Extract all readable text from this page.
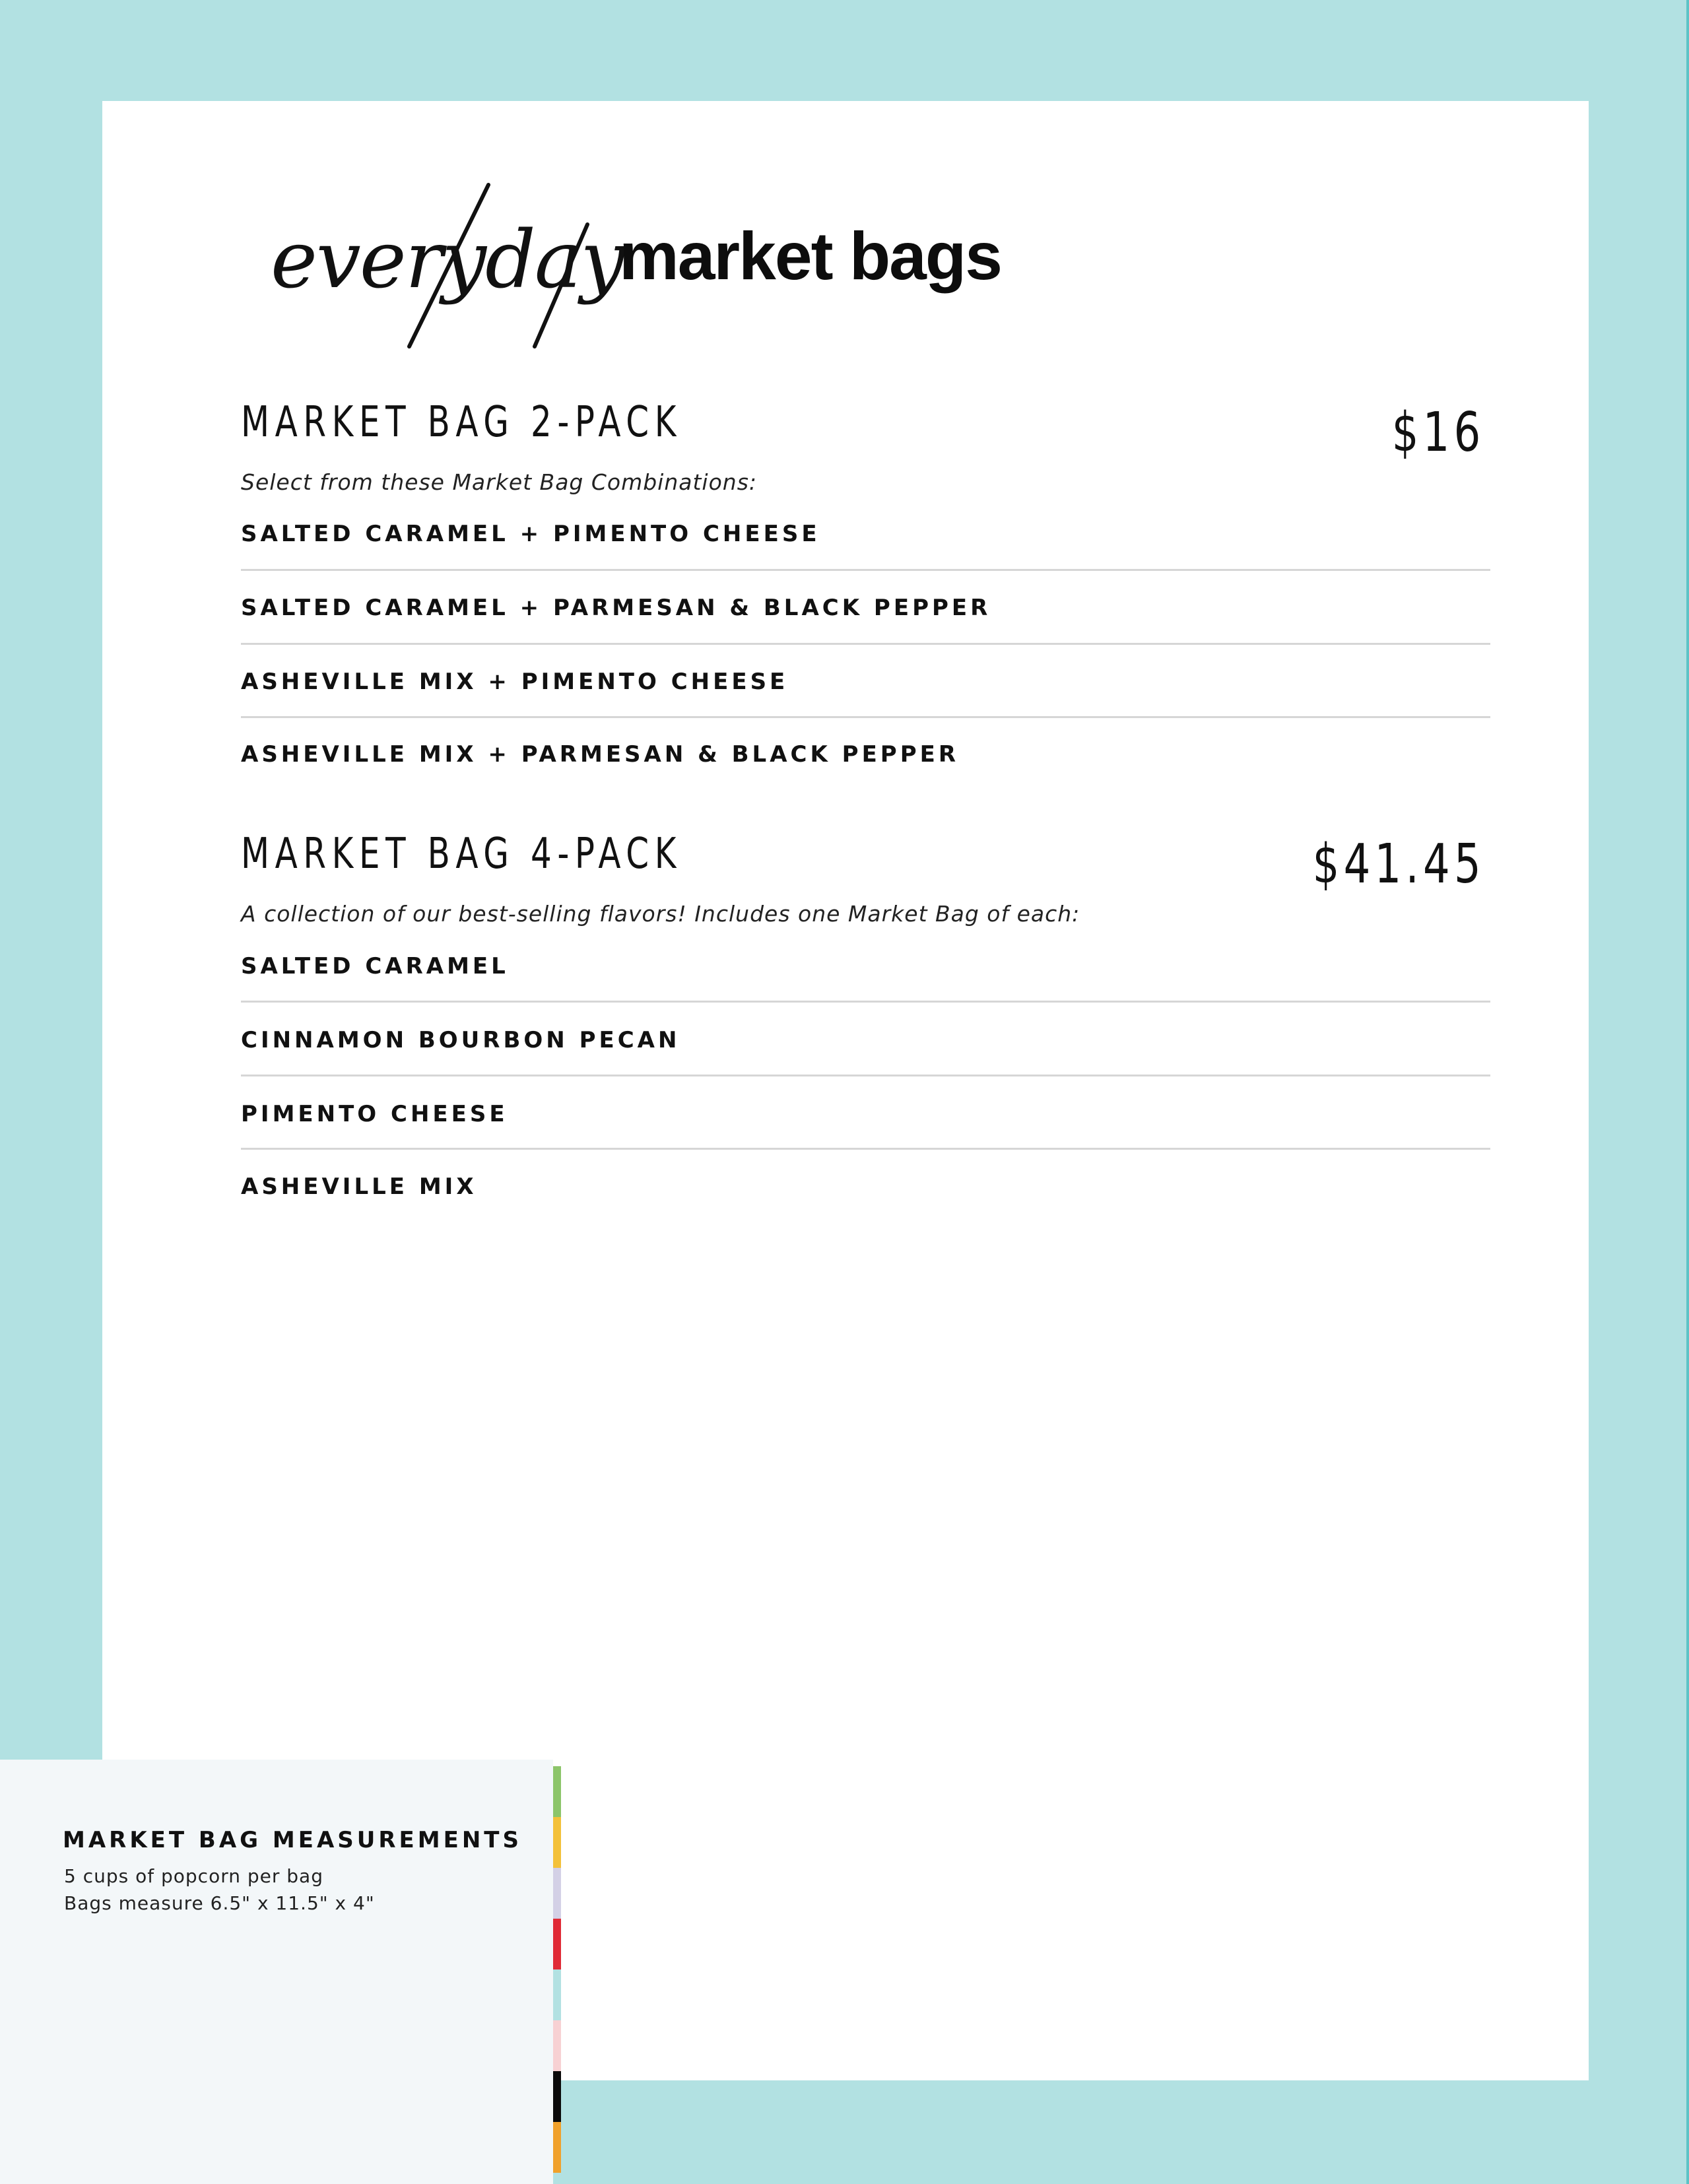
everyday
market bags
MARKET BAG 2-PACK	$16
Select from these Market Bag Combinations:
SALTED CARAMEL + PIMENTO CHEESE
SALTED CARAMEL + PARMESAN & BLACK PEPPER
ASHEVILLE MIX + PIMENTO CHEESE
ASHEVILLE MIX + PARMESAN & BLACK PEPPER
MARKET BAG 4-PACK	$41.45
A collection of our best-selling flavors! Includes one Market Bag of each:
SALTED CARAMEL
CINNAMON BOURBON PECAN
PIMENTO CHEESE
ASHEVILLE MIX
MARKET BAG MEASUREMENTS
5 cups of popcorn per bag
Bags measure 6.5" x 11.5" x 4"
